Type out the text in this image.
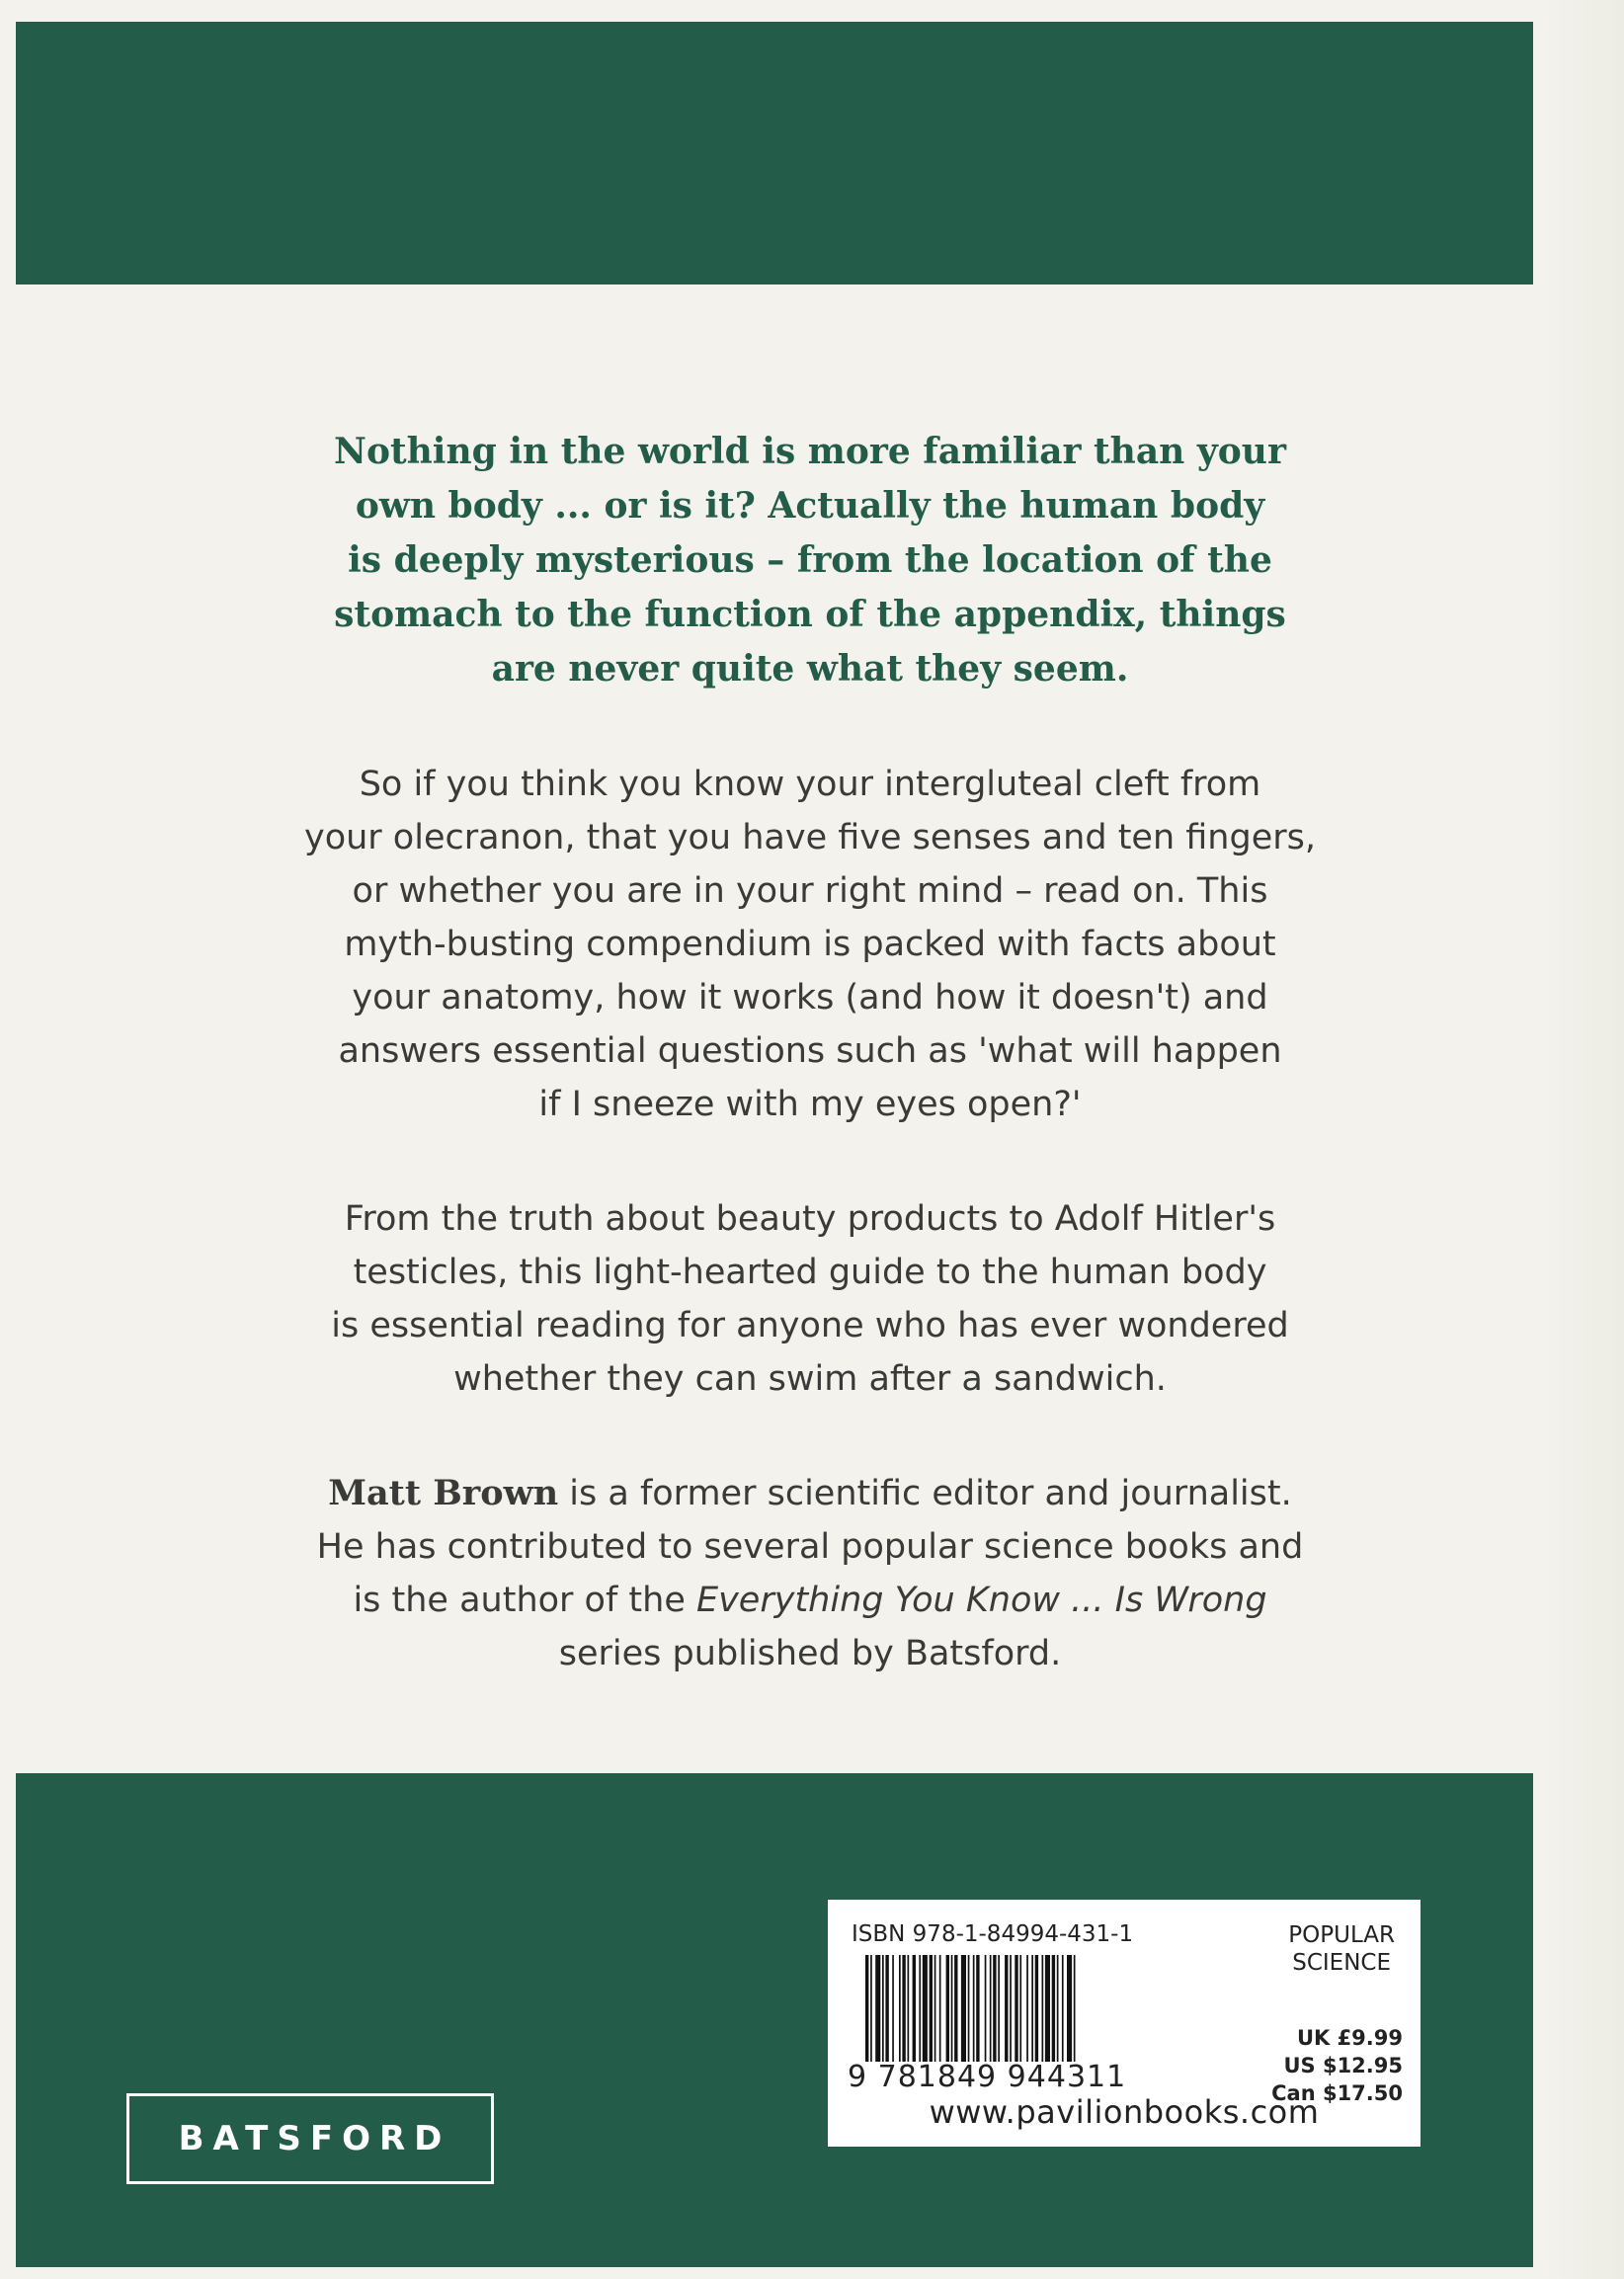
Nothing in the world is more familiar than your
own body ... or is it? Actually the human body
is deeply mysterious – from the location of the
stomach to the function of the appendix, things
are never quite what they seem.
So if you think you know your intergluteal cleft from
your olecranon, that you have five senses and ten fingers,
or whether you are in your right mind – read on. This
myth-busting compendium is packed with facts about
your anatomy, how it works (and how it doesn't) and
answers essential questions such as 'what will happen
if I sneeze with my eyes open?'
From the truth about beauty products to Adolf Hitler's
testicles, this light-hearted guide to the human body
is essential reading for anyone who has ever wondered
whether they can swim after a sandwich.
Matt Brown is a former scientific editor and journalist.
He has contributed to several popular science books and
is the author of the Everything You Know ... Is Wrong
series published by Batsford.
BATSFORD
ISBN 978-1-84994-431-1	POPULAR
SCIENCE
9 781849 944311
UK £9.99
US $12.95
Can $17.50
www.pavilionbooks.com
